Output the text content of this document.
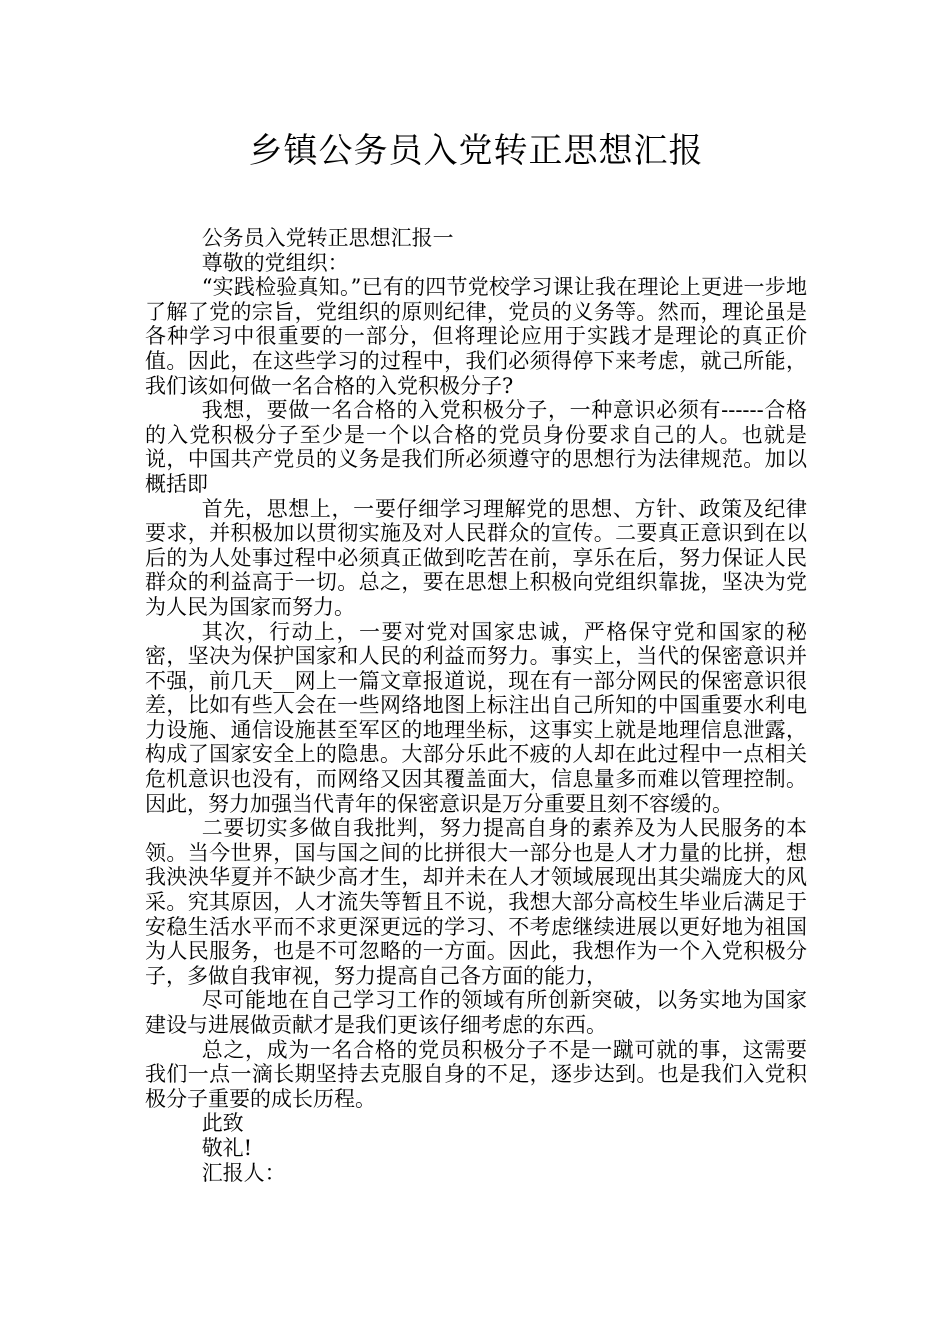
乡镇公务员入党转正思想汇报

公务员入党转正思想汇报一

尊敬的党组织：

“实践检验真知。”已有的四节党校学习课让我在理论上更进一步地了解了党的宗旨，党组织的原则纪律，党员的义务等。然而，理论虽是各种学习中很重要的一部分，但将理论应用于实践才是理论的真正价值。因此，在这些学习的过程中，我们必须得停下来考虑，就己所能，我们该如何做一名合格的入党积极分子?

我想，要做一名合格的入党积极分子，一种意识必须有------合格的入党积极分子至少是一个以合格的党员身份要求自己的人。也就是说，中国共产党员的义务是我们所必须遵守的思想行为法律规范。加以概括即

首先，思想上，一要仔细学习理解党的思想、方针、政策及纪律要求，并积极加以贯彻实施及对人民群众的宣传。二要真正意识到在以后的为人处事过程中必须真正做到吃苦在前，享乐在后，努力保证人民群众的利益高于一切。总之，要在思想上积极向党组织靠拢，坚决为党为人民为国家而努力。

其次，行动上，一要对党对国家忠诚，严格保守党和国家的秘密，坚决为保护国家和人民的利益而努力。事实上，当代的保密意识并不强，前几天__网上一篇文章报道说，现在有一部分网民的保密意识很差，比如有些人会在一些网络地图上标注出自己所知的中国重要水利电力设施、通信设施甚至军区的地理坐标，这事实上就是地理信息泄露，构成了国家安全上的隐患。大部分乐此不疲的人却在此过程中一点相关危机意识也没有，而网络又因其覆盖面大，信息量多而难以管理控制。因此，努力加强当代青年的保密意识是万分重要且刻不容缓的。

二要切实多做自我批判，努力提高自身的素养及为人民服务的本领。当今世界，国与国之间的比拼很大一部分也是人才力量的比拼，想我泱泱华夏并不缺少高才生，却并未在人才领域展现出其尖端庞大的风采。究其原因，人才流失等暂且不说，我想大部分高校生毕业后满足于安稳生活水平而不求更深更远的学习、不考虑继续进展以更好地为祖国为人民服务，也是不可忽略的一方面。因此，我想作为一个入党积极分子，多做自我审视，努力提高自己各方面的能力，

尽可能地在自己学习工作的领域有所创新突破，以务实地为国家建设与进展做贡献才是我们更该仔细考虑的东西。

总之，成为一名合格的党员积极分子不是一蹴可就的事，这需要我们一点一滴长期坚持去克服自身的不足，逐步达到。也是我们入党积极分子重要的成长历程。

此致

敬礼!

汇报人：
